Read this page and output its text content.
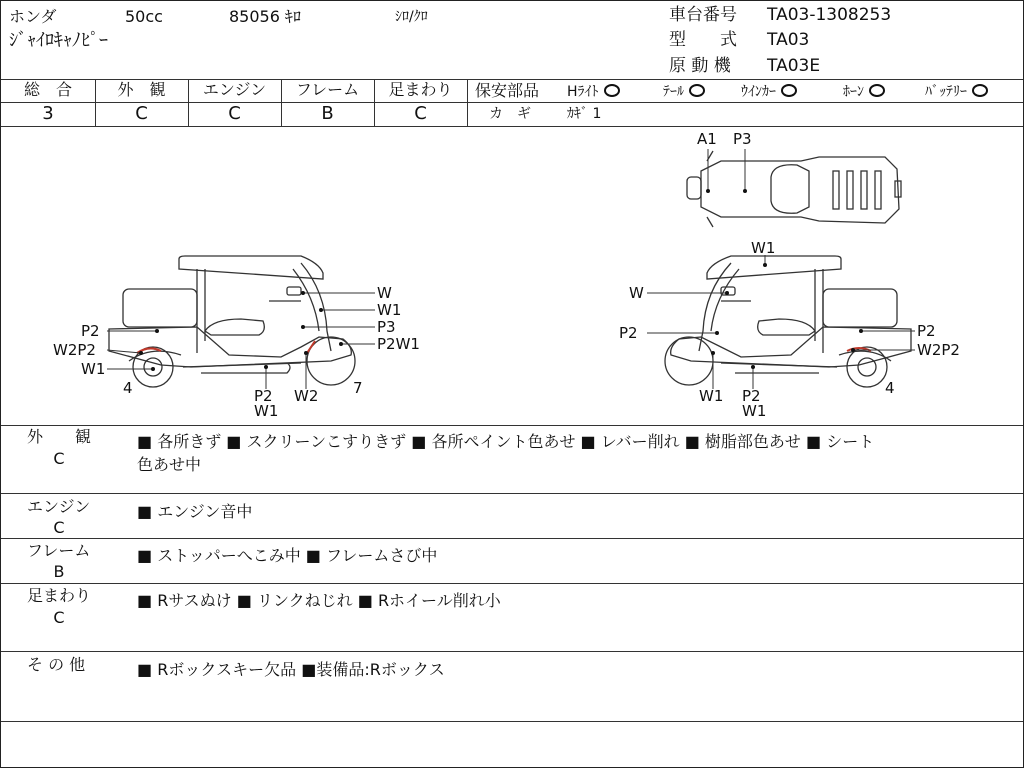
ホンダ	50cc	85056 ｷﾛ	ｼﾛ/ｸﾛ
ｼﾞｬｲﾛｷｬﾉﾋﾟｰ
車台番号 TA03-1308253
型　　式 TA03
原 動 機 TA03E
総　合	外　観	エンジン	フレーム	足まわり
3	C	C	B	C
保安部品 Hﾗｲﾄ	ﾃｰﾙ	ｳｲﾝｶｰ	ﾎｰﾝ	ﾊﾞｯﾃﾘｰ
カ　ギ	ｶｷﾞ 1
P2
W2P2
W1
4
W
W1
P3
P2W1
P2
W1
W2 7
W1
W
P2	P2
W2P2
4
W1 P2
W1
A1 P3
外　　観
C
■ 各所きず ■ スクリーンこすりきず ■ 各所ペイント色あせ ■ レバー削れ ■ 樹脂部色あせ ■ シート
色あせ中
エンジン
C
■ エンジン音中
フレーム
B
■ ストッパーへこみ中 ■ フレームさび中
足まわり
C
■ Rサスぬけ ■ リンクねじれ ■ Rホイール削れ小
そ の 他	■ Rボックスキー欠品 ■装備品:Rボックス
